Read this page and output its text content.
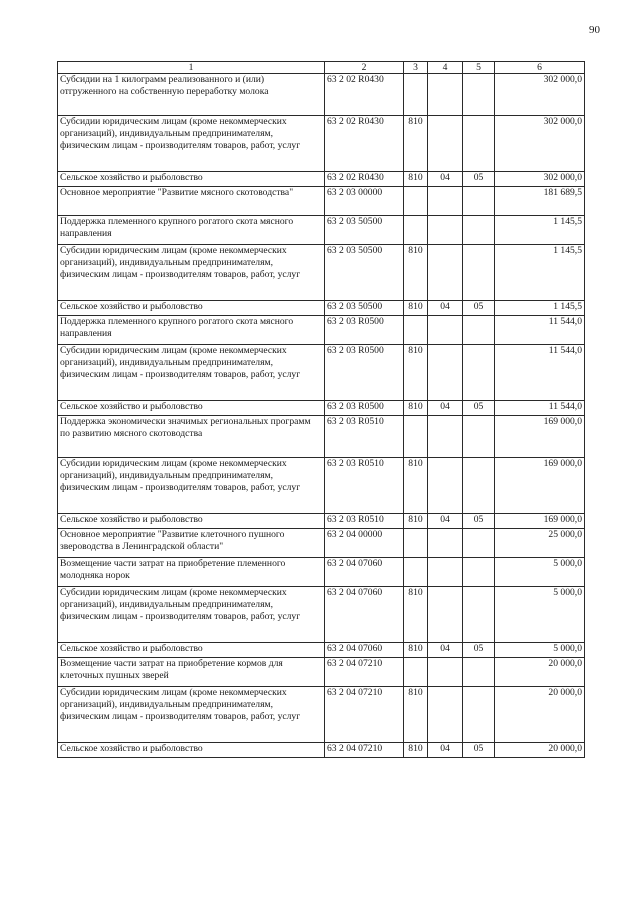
90
1	2	3	4	5	6
Субсидии на 1 килограмм реализованного и (или) отгруженного на собственную переработку молока	63 2 02 R0430				302 000,0
Субсидии юридическим лицам (кроме некоммерческих организаций), индивидуальным предпринимателям, физическим лицам - производителям товаров, работ, услуг	63 2 02 R0430	810			302 000,0
Сельское хозяйство и рыболовство	63 2 02 R0430	810	04	05	302 000,0
Основное мероприятие "Развитие мясного скотоводства"	63 2 03 00000				181 689,5
Поддержка племенного крупного рогатого скота мясного направления	63 2 03 50500				1 145,5
Субсидии юридическим лицам (кроме некоммерческих организаций), индивидуальным предпринимателям, физическим лицам - производителям товаров, работ, услуг	63 2 03 50500	810			1 145,5
Сельское хозяйство и рыболовство	63 2 03 50500	810	04	05	1 145,5
Поддержка племенного крупного рогатого скота мясного направления	63 2 03 R0500				11 544,0
Субсидии юридическим лицам (кроме некоммерческих организаций), индивидуальным предпринимателям, физическим лицам - производителям товаров, работ, услуг	63 2 03 R0500	810			11 544,0
Сельское хозяйство и рыболовство	63 2 03 R0500	810	04	05	11 544,0
Поддержка экономически значимых региональных программ по развитию мясного скотоводства	63 2 03 R0510				169 000,0
Субсидии юридическим лицам (кроме некоммерческих организаций), индивидуальным предпринимателям, физическим лицам - производителям товаров, работ, услуг	63 2 03 R0510	810			169 000,0
Сельское хозяйство и рыболовство	63 2 03 R0510	810	04	05	169 000,0
Основное мероприятие "Развитие клеточного пушного звероводства в Ленинградской области"	63 2 04 00000				25 000,0
Возмещение части затрат на приобретение племенного молодняка норок	63 2 04 07060				5 000,0
Субсидии юридическим лицам (кроме некоммерческих организаций), индивидуальным предпринимателям, физическим лицам - производителям товаров, работ, услуг	63 2 04 07060	810			5 000,0
Сельское хозяйство и рыболовство	63 2 04 07060	810	04	05	5 000,0
Возмещение части затрат на приобретение кормов для клеточных пушных зверей	63 2 04 07210				20 000,0
Субсидии юридическим лицам (кроме некоммерческих организаций), индивидуальным предпринимателям, физическим лицам - производителям товаров, работ, услуг	63 2 04 07210	810			20 000,0
Сельское хозяйство и рыболовство	63 2 04 07210	810	04	05	20 000,0
